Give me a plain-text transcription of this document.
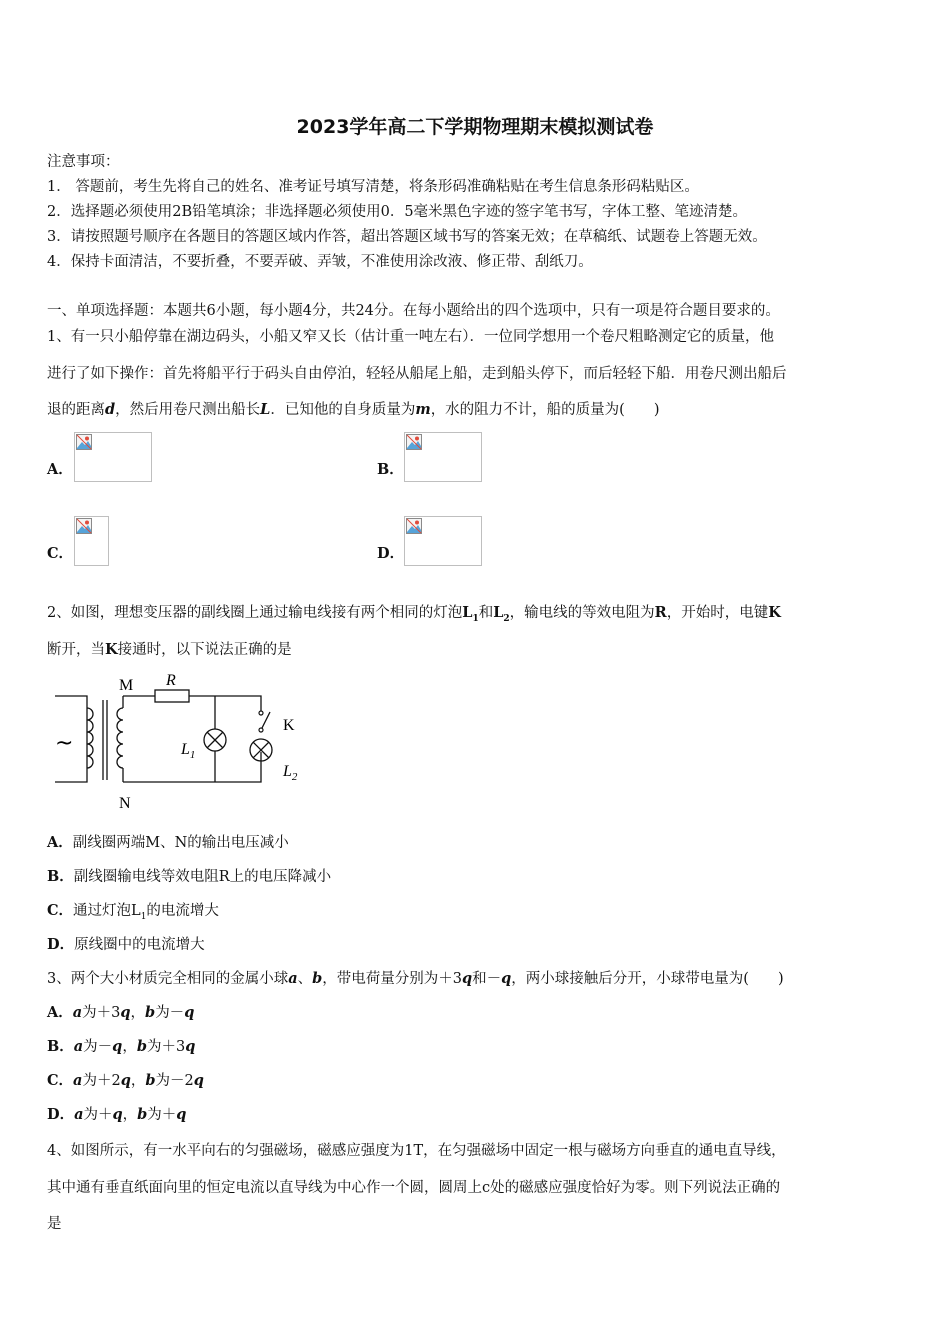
2023学年高二下学期物理期末模拟测试卷
注意事项：
1． 答题前，考生先将自己的姓名、准考证号填写清楚，将条形码准确粘贴在考生信息条形码粘贴区。
2．选择题必须使用2B铅笔填涂；非选择题必须使用0．5毫米黑色字迹的签字笔书写，字体工整、笔迹清楚。
3．请按照题号顺序在各题目的答题区域内作答，超出答题区域书写的答案无效；在草稿纸、试题卷上答题无效。
4．保持卡面清洁，不要折叠，不要弄破、弄皱，不准使用涂改液、修正带、刮纸刀。
一、单项选择题：本题共6小题，每小题4分，共24分。在每小题给出的四个选项中，只有一项是符合题目要求的。
1、有一只小船停靠在湖边码头，小船又窄又长（估计重一吨左右）．一位同学想用一个卷尺粗略测定它的质量，他
进行了如下操作：首先将船平行于码头自由停泊，轻轻从船尾上船，走到船头停下，而后轻轻下船．用卷尺测出船后
退的距离d，然后用卷尺测出船长L．已知他的自身质量为m，水的阻力不计，船的质量为(　　)
A．	B．
C．	D．
2、如图，理想变压器的副线圈上通过输电线接有两个相同的灯泡$L_1$和$L_2$，输电线的等效电阻为R，开始时，电键K
断开，当K接通时，以下说法正确的是
~
M
N
R
K
$L_1$
$L_2$
A．副线圈两端M、N的输出电压减小
B．副线圈输电线等效电阻R上的电压降减小
C．通过灯泡$L_1$的电流增大
D．原线圈中的电流增大
3、两个大小材质完全相同的金属小球a、b，带电荷量分别为＋3q和－q，两小球接触后分开，小球带电量为(　　)
A．a为＋3q，b为－q
B．a为－q，b为＋3q
C．a为＋2q，b为－2q
D．a为＋q，b为＋q
4、如图所示，有一水平向右的匀强磁场，磁感应强度为1T，在匀强磁场中固定一根与磁场方向垂直的通电直导线，
其中通有垂直纸面向里的恒定电流以直导线为中心作一个圆，圆周上c处的磁感应强度恰好为零。则下列说法正确的
是
